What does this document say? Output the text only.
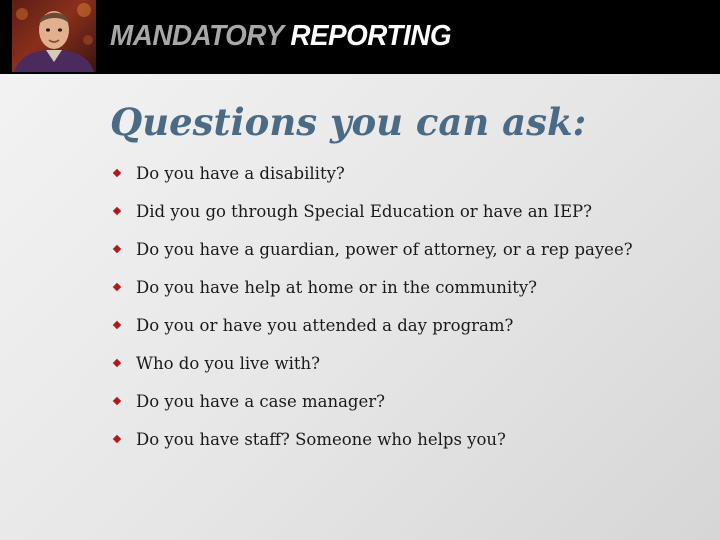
MANDATORY REPORTING
Questions you can ask:
Do you have a disability?
Did you go through Special Education or have an IEP?
Do you have a guardian, power of attorney, or a rep payee?
Do you have help at home or in the community?
Do you or have you attended a day program?
Who do you live with?
Do you have a case manager?
Do you have staff? Someone who helps you?
